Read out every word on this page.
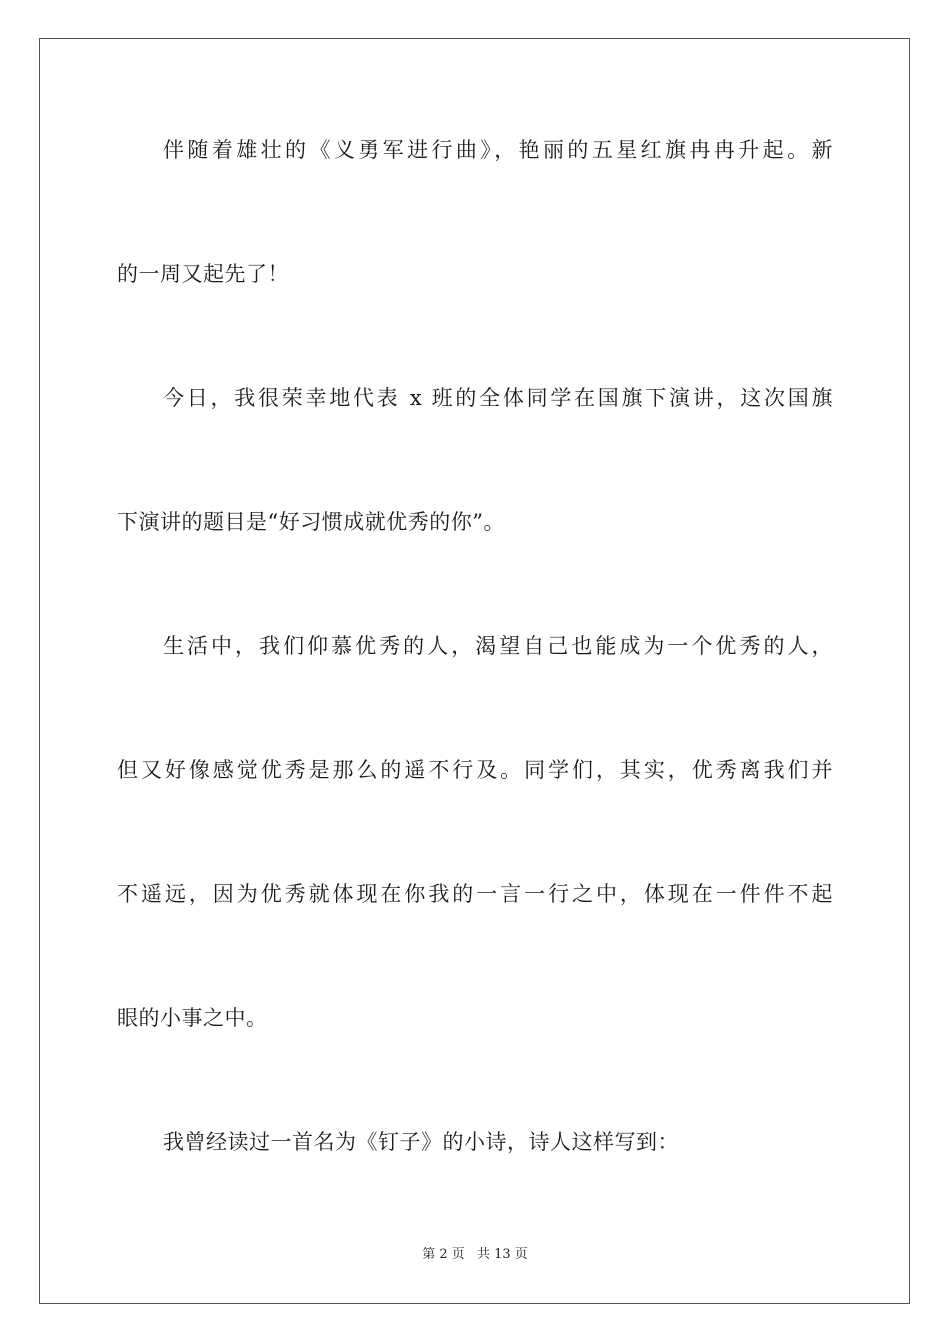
伴随着雄壮的《义勇军进行曲》，艳丽的五星红旗冉冉升起。新
的一周又起先了！
今日，我很荣幸地代表 x 班的全体同学在国旗下演讲，这次国旗
下演讲的题目是“好习惯成就优秀的你”。
生活中，我们仰慕优秀的人，渴望自己也能成为一个优秀的人，
但又好像感觉优秀是那么的遥不行及。同学们，其实，优秀离我们并
不遥远，因为优秀就体现在你我的一言一行之中，体现在一件件不起
眼的小事之中。
我曾经读过一首名为《钉子》的小诗，诗人这样写到：
第 2 页 共 13 页
